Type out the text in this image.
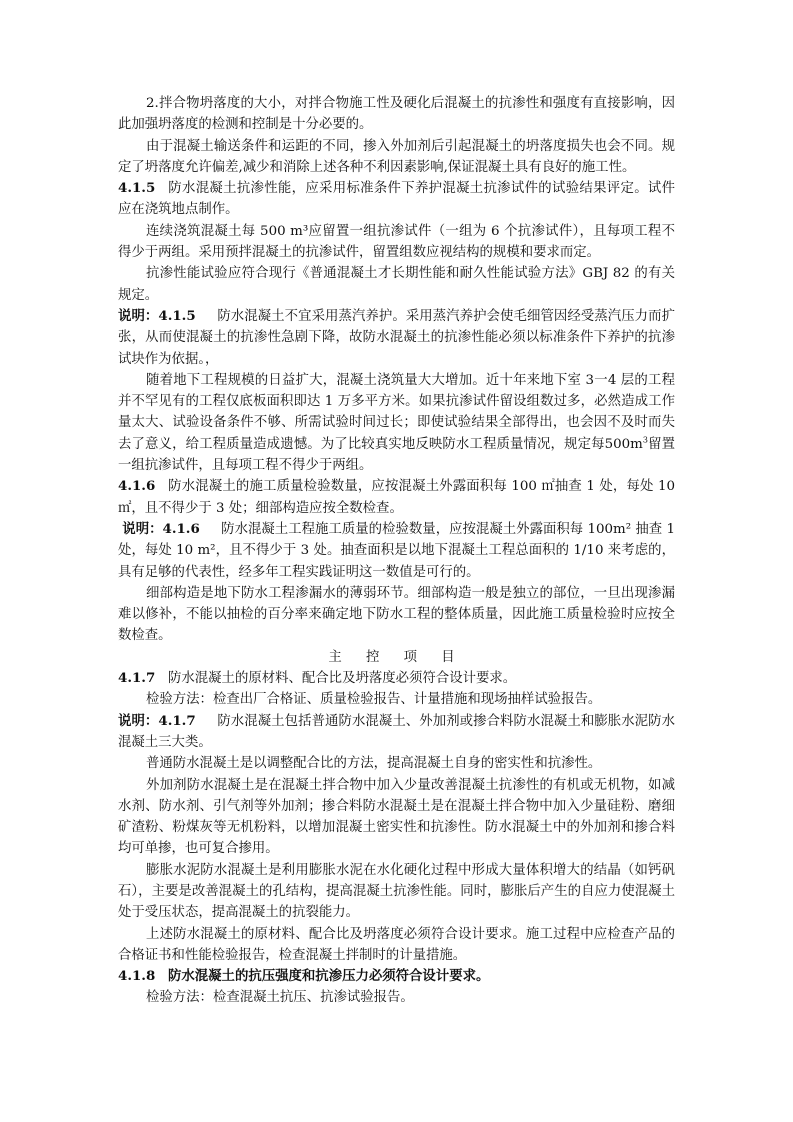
2.拌合物坍落度的大小，对拌合物施工性及硬化后混凝土的抗渗性和强度有直接影响，因此加强坍落度的检测和控制是十分必要的。

由于混凝土输送条件和运距的不同，掺入外加剂后引起混凝土的坍落度损失也会不同。规定了坍落度允许偏差,减少和消除上述各种不利因素影响,保证混凝土具有良好的施工性。

4.1.5 防水混凝土抗渗性能，应采用标准条件下养护混凝土抗渗试件的试验结果评定。试件应在浇筑地点制作。

连续浇筑混凝土每 500 m³应留置一组抗渗试件（一组为 6 个抗渗试件），且每项工程不得少于两组。采用预拌混凝土的抗渗试件，留置组数应视结构的规模和要求而定。

抗渗性能试验应符合现行《普通混凝土才长期性能和耐久性能试验方法》GBJ 82 的有关规定。

说明：4.1.5 防水混凝土不宜采用蒸汽养护。采用蒸汽养护会使毛细管因经受蒸汽压力而扩张，从而使混凝土的抗渗性急剧下降，故防水混凝土的抗渗性能必须以标准条件下养护的抗渗试块作为依据。，

随着地下工程规模的日益扩大，混凝土浇筑量大大增加。近十年来地下室 3一4 层的工程并不罕见有的工程仅底板面积即达 1 万多平方米。如果抗渗试件留设组数过多，必然造成工作量太大、试验设备条件不够、所需试验时间过长；即使试验结果全部得出，也会因不及时而失去了意义，给工程质量造成遗憾。为了比较真实地反映防水工程质量情况，规定每$500m^3$留置一组抗渗试件，且每项工程不得少于两组。

4.1.6 防水混凝土的施工质量检验数量，应按混凝土外露面积每 100 ㎡抽查 1 处，每处 10 ㎡，且不得少于 3 处；细部构造应按全数检查。

说明：4.1.6 防水混凝土工程施工质量的检验数量，应按混凝土外露面积每 100m² 抽查 1 处，每处 10 m²，且不得少于 3 处。抽查面积是以地下混凝土工程总面积的 1/10 来考虑的，具有足够的代表性，经多年工程实践证明这一数值是可行的。

细部构造是地下防水工程渗漏水的薄弱环节。细部构造一般是独立的部位，一旦出现渗漏难以修补，不能以抽检的百分率来确定地下防水工程的整体质量，因此施工质量检验时应按全数检查。

主 控 项 目

4.1.7 防水混凝土的原材料、配合比及坍落度必须符合设计要求。

检验方法：检查出厂合格证、质量检验报告、计量措施和现场抽样试验报告。

说明：4.1.7 防水混凝土包括普通防水混凝土、外加剂或掺合料防水混凝土和膨胀水泥防水混凝土三大类。

普通防水混凝土是以调整配合比的方法，提高混凝土自身的密实性和抗渗性。

外加剂防水混凝土是在混凝土拌合物中加入少量改善混凝土抗渗性的有机或无机物，如减水剂、防水剂、引气剂等外加剂；掺合料防水混凝土是在混凝土拌合物中加入少量硅粉、磨细矿渣粉、粉煤灰等无机粉料，以增加混凝土密实性和抗渗性。防水混凝土中的外加剂和掺合料均可单掺，也可复合掺用。

膨胀水泥防水混凝土是利用膨胀水泥在水化硬化过程中形成大量体积增大的结晶（如钙矾石），主要是改善混凝土的孔结构，提高混凝土抗渗性能。同时，膨胀后产生的自应力使混凝土处于受压状态，提高混凝土的抗裂能力。

上述防水混凝土的原材料、配合比及坍落度必须符合设计要求。施工过程中应检查产品的合格证书和性能检验报告，检查混凝土拌制时的计量措施。

4.1.8 防水混凝土的抗压强度和抗渗压力必须符合设计要求。

检验方法：检查混凝土抗压、抗渗试验报告。
